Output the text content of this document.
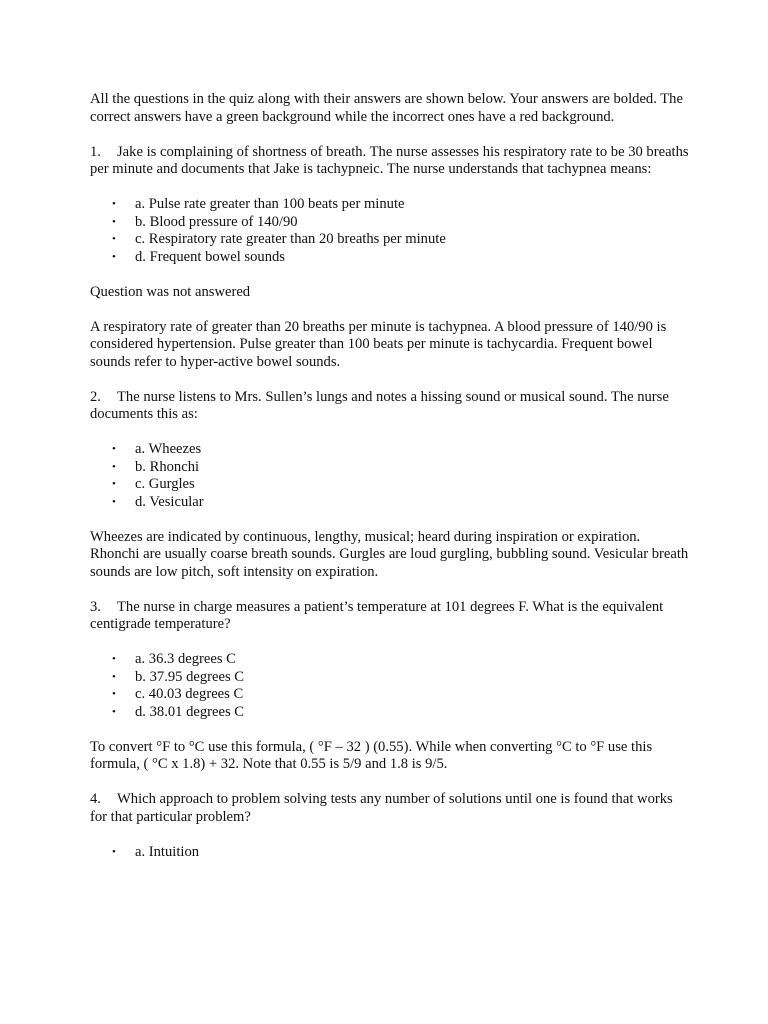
All the questions in the quiz along with their answers are shown below. Your answers are bolded. The correct answers have a green background while the incorrect ones have a red background.

1. Jake is complaining of shortness of breath. The nurse assesses his respiratory rate to be 30 breaths per minute and documents that Jake is tachypneic. The nurse understands that tachypnea means:

• a. Pulse rate greater than 100 beats per minute
• b. Blood pressure of 140/90
• c. Respiratory rate greater than 20 breaths per minute
• d. Frequent bowel sounds

Question was not answered

A respiratory rate of greater than 20 breaths per minute is tachypnea. A blood pressure of 140/90 is considered hypertension. Pulse greater than 100 beats per minute is tachycardia. Frequent bowel sounds refer to hyper-active bowel sounds.

2. The nurse listens to Mrs. Sullen’s lungs and notes a hissing sound or musical sound. The nurse documents this as:

• a. Wheezes
• b. Rhonchi
• c. Gurgles
• d. Vesicular

Wheezes are indicated by continuous, lengthy, musical; heard during inspiration or expiration. Rhonchi are usually coarse breath sounds. Gurgles are loud gurgling, bubbling sound. Vesicular breath sounds are low pitch, soft intensity on expiration.

3. The nurse in charge measures a patient’s temperature at 101 degrees F. What is the equivalent centigrade temperature?

• a. 36.3 degrees C
• b. 37.95 degrees C
• c. 40.03 degrees C
• d. 38.01 degrees C

To convert °F to °C use this formula, ( °F – 32 ) (0.55). While when converting °C to °F use this formula, ( °C x 1.8) + 32. Note that 0.55 is 5/9 and 1.8 is 9/5.

4. Which approach to problem solving tests any number of solutions until one is found that works for that particular problem?

• a. Intuition
